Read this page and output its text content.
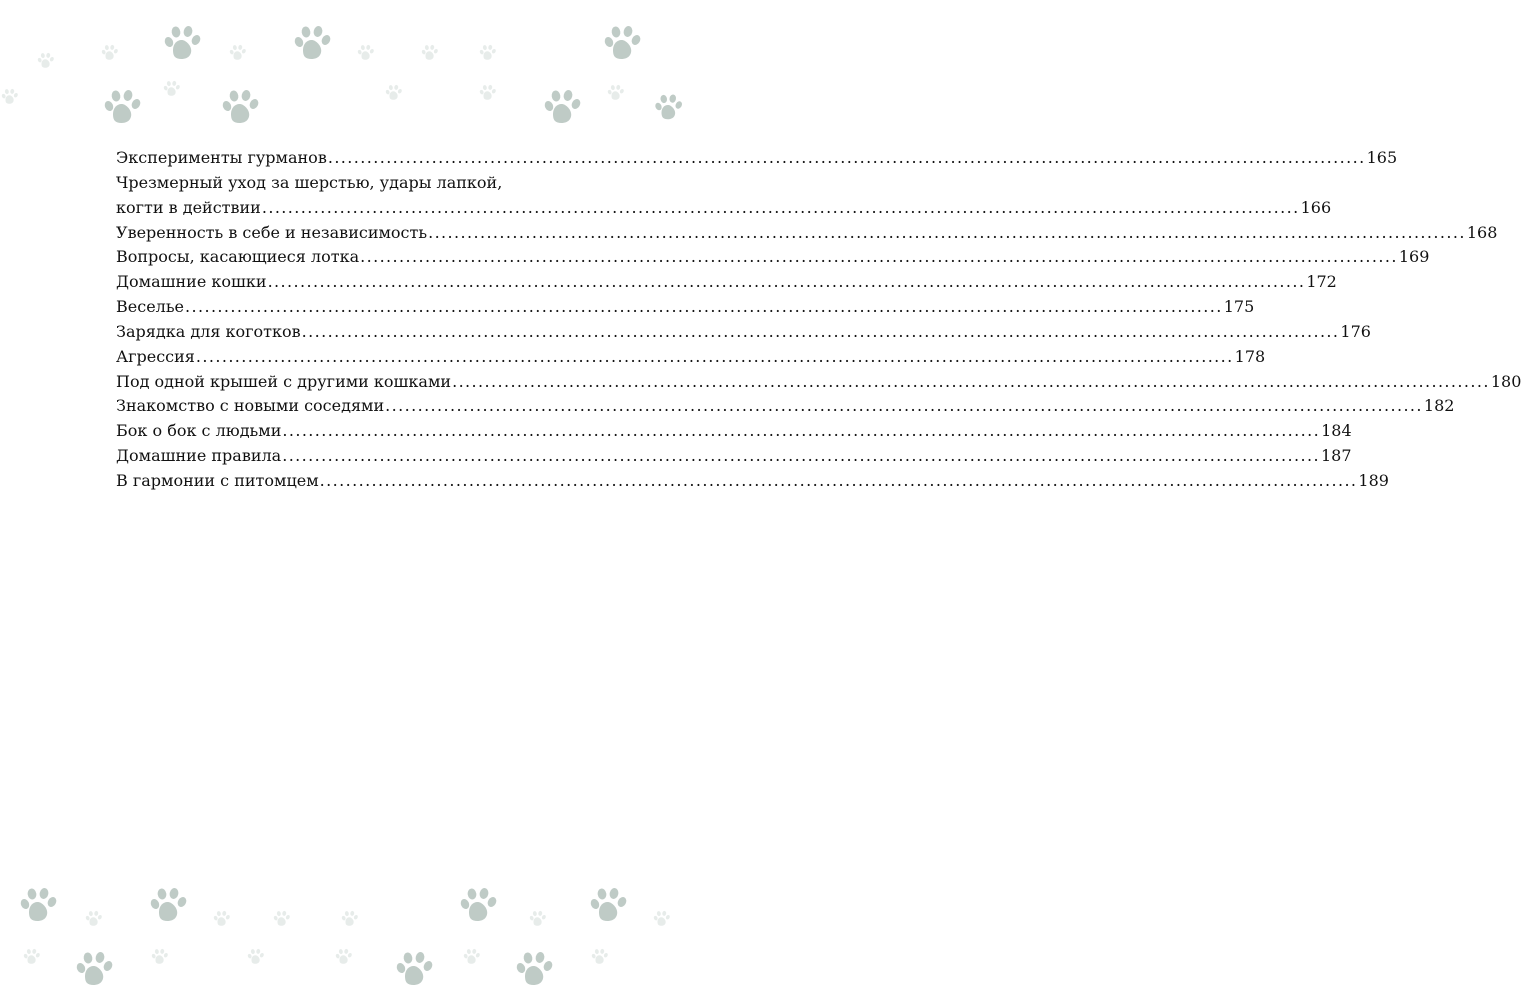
Эксперименты гурманов ................................................................................................................................................................ 165
Чрезмерный уход за шерстью, удары лапкой,
когти в действии ................................................................................................................................................................ 166
Уверенность в себе и независимость ................................................................................................................................................................ 168
Вопросы, касающиеся лотка ................................................................................................................................................................ 169
Домашние кошки ................................................................................................................................................................ 172
Веселье ................................................................................................................................................................ 175
Зарядка для коготков ................................................................................................................................................................ 176
Агрессия ................................................................................................................................................................ 178
Под одной крышей с другими кошками ................................................................................................................................................................ 180
Знакомство с новыми соседями ................................................................................................................................................................ 182
Бок о бок с людьми ................................................................................................................................................................ 184
Домашние правила ................................................................................................................................................................ 187
В гармонии с питомцем ................................................................................................................................................................ 189
